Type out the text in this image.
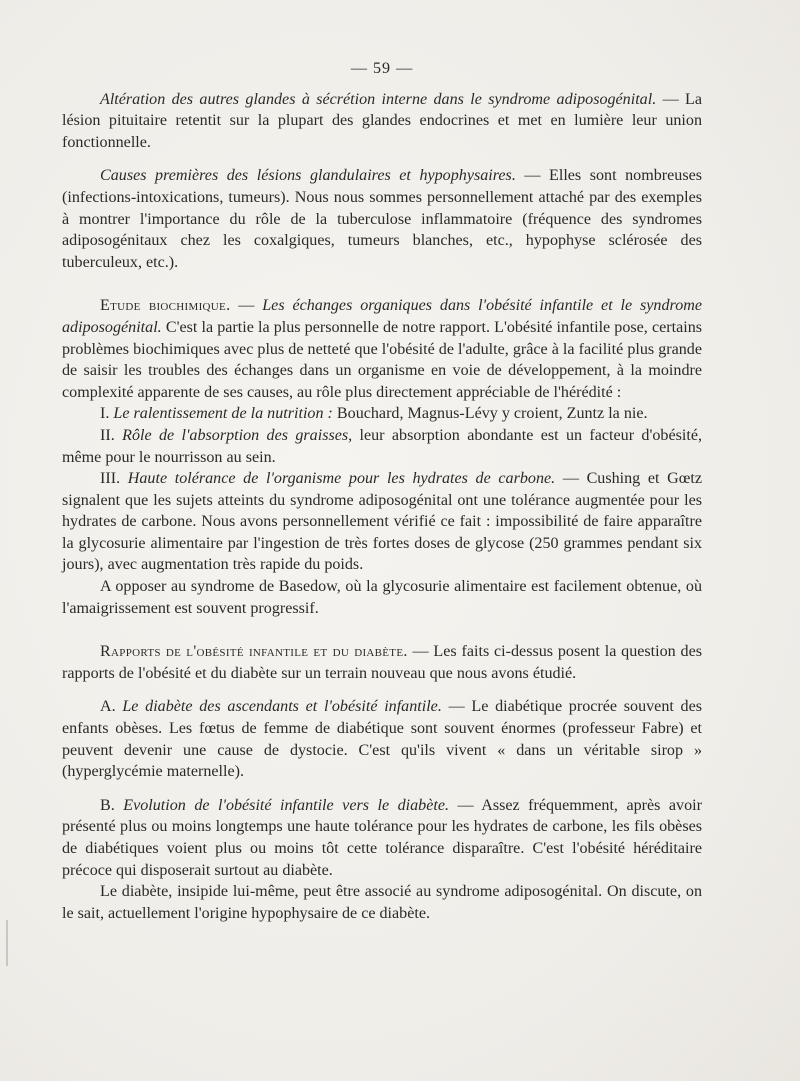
— 59 —

Altération des autres glandes à sécrétion interne dans le syndrome adiposogénital. — La lésion pituitaire retentit sur la plupart des glandes endocrines et met en lumière leur union fonctionnelle.

Causes premières des lésions glandulaires et hypophysaires. — Elles sont nombreuses (infections-intoxications, tumeurs). Nous nous sommes personnellement attaché par des exemples à montrer l'importance du rôle de la tuberculose inflammatoire (fréquence des syndromes adiposogénitaux chez les coxalgiques, tumeurs blanches, etc., hypophyse sclérosée des tuberculeux, etc.).

Etude biochimique. — Les échanges organiques dans l'obésité infantile et le syndrome adiposogénital. C'est la partie la plus personnelle de notre rapport. L'obésité infantile pose, certains problèmes biochimiques avec plus de netteté que l'obésité de l'adulte, grâce à la facilité plus grande de saisir les troubles des échanges dans un organisme en voie de développement, à la moindre complexité apparente de ses causes, au rôle plus directement appréciable de l'hérédité :

I. Le ralentissement de la nutrition : Bouchard, Magnus-Lévy y croient, Zuntz la nie.

II. Rôle de l'absorption des graisses, leur absorption abondante est un facteur d'obésité, même pour le nourrisson au sein.

III. Haute tolérance de l'organisme pour les hydrates de carbone. — Cushing et Gœtz signalent que les sujets atteints du syndrome adiposogénital ont une tolérance augmentée pour les hydrates de carbone. Nous avons personnellement vérifié ce fait : impossibilité de faire apparaître la glycosurie alimentaire par l'ingestion de très fortes doses de glycose (250 grammes pendant six jours), avec augmentation très rapide du poids.

A opposer au syndrome de Basedow, où la glycosurie alimentaire est facilement obtenue, où l'amaigrissement est souvent progressif.

Rapports de l'obésité infantile et du diabète. — Les faits ci-dessus posent la question des rapports de l'obésité et du diabète sur un terrain nouveau que nous avons étudié.

A. Le diabète des ascendants et l'obésité infantile. — Le diabétique procrée souvent des enfants obèses. Les fœtus de femme de diabétique sont souvent énormes (professeur Fabre) et peuvent devenir une cause de dystocie. C'est qu'ils vivent « dans un véritable sirop » (hyperglycémie maternelle).

B. Evolution de l'obésité infantile vers le diabète. — Assez fréquemment, après avoir présenté plus ou moins longtemps une haute tolérance pour les hydrates de carbone, les fils obèses de diabétiques voient plus ou moins tôt cette tolérance disparaître. C'est l'obésité héréditaire précoce qui disposerait surtout au diabète.

Le diabète, insipide lui-même, peut être associé au syndrome adiposogénital. On discute, on le sait, actuellement l'origine hypophysaire de ce diabète.
